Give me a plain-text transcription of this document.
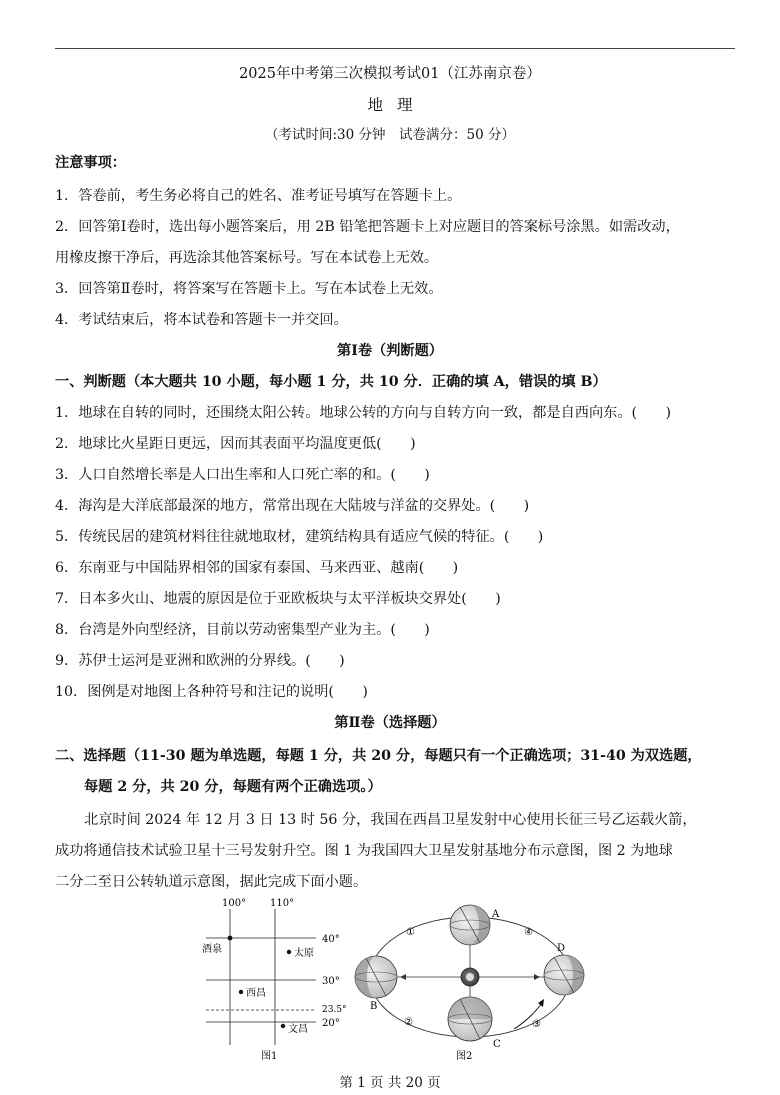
2025年中考第三次模拟考试01（江苏南京卷）
地理
（考试时间:30 分钟　试卷满分：50 分）
注意事项：
1．答卷前，考生务必将自己的姓名、准考证号填写在答题卡上。
2．回答第Ⅰ卷时，选出每小题答案后，用 2B 铅笔把答题卡上对应题目的答案标号涂黑。如需改动，
用橡皮擦干净后，再选涂其他答案标号。写在本试卷上无效。
3．回答第Ⅱ卷时，将答案写在答题卡上。写在本试卷上无效。
4．考试结束后，将本试卷和答题卡一并交回。
第Ⅰ卷（判断题）
一、判断题（本大题共 10 小题，每小题 1 分，共 10 分．正确的填 A，错误的填 B）
1．地球在自转的同时，还围绕太阳公转。地球公转的方向与自转方向一致，都是自西向东。(　　)
2．地球比火星距日更远，因而其表面平均温度更低(　　)
3．人口自然增长率是人口出生率和人口死亡率的和。(　　)
4．海沟是大洋底部最深的地方，常常出现在大陆坡与洋盆的交界处。(　　)
5．传统民居的建筑材料往往就地取材，建筑结构具有适应气候的特征。(　　)
6．东南亚与中国陆界相邻的国家有泰国、马来西亚、越南(　　)
7．日本多火山、地震的原因是位于亚欧板块与太平洋板块交界处(　　)
8．台湾是外向型经济，目前以劳动密集型产业为主。(　　)
9．苏伊士运河是亚洲和欧洲的分界线。(　　)
10．图例是对地图上各种符号和注记的说明(　　)
第Ⅱ卷（选择题）
二、选择题（11-30 题为单选题，每题 1 分，共 20 分，每题只有一个正确选项；31-40 为双选题，
每题 2 分，共 20 分，每题有两个正确选项。）
北京时间 2024 年 12 月 3 日 13 时 56 分，我国在西昌卫星发射中心使用长征三号乙运载火箭，
成功将通信技术试验卫星十三号发射升空。图 1 为我国四大卫星发射基地分布示意图，图 2 为地球
二分二至日公转轨道示意图，据此完成下面小题。
100° 110°
40°
30°
23.5°
20°
酒泉	太原
西昌
文昌
图1
A
B
C
D
①
②	③
④
图2
第 1 页 共 20 页
